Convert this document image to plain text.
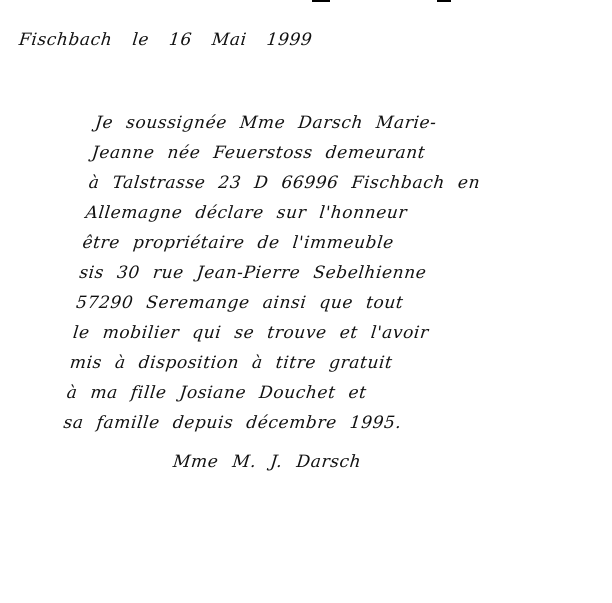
Fischbach le 16 Mai 1999
Je soussignée Mme Darsch Marie-
Jeanne née Feuerstoss demeurant
à Talstrasse 23 D 66996 Fischbach en
Allemagne déclare sur l'honneur
être propriétaire de l'immeuble
sis 30 rue Jean-Pierre Sebelhienne
57290 Seremange ainsi que tout
le mobilier qui se trouve et l'avoir
mis à disposition à titre gratuit
à ma fille Josiane Douchet et
sa famille depuis décembre 1995.
Mme M. J. Darsch
